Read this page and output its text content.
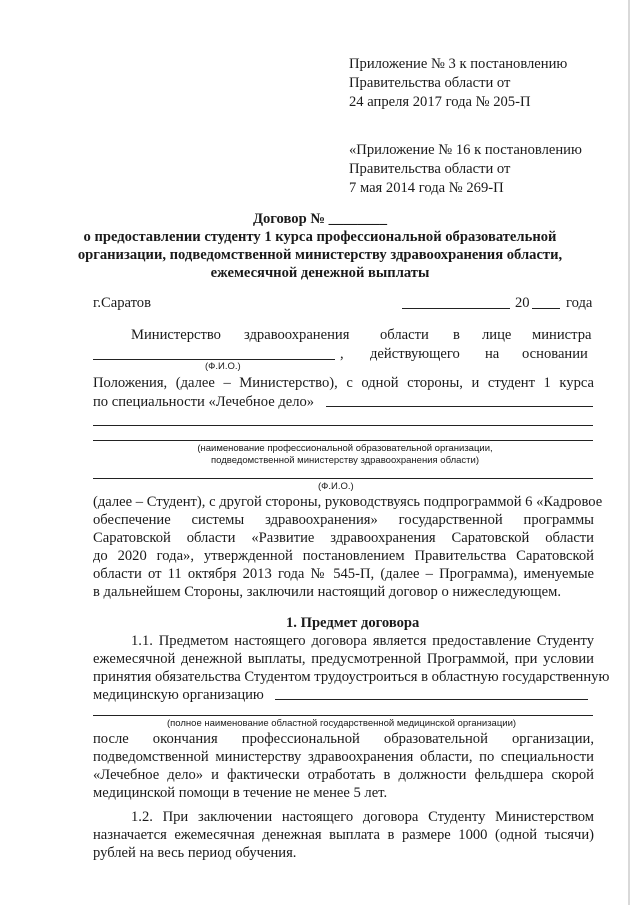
Приложение № 3 к постановлению
Правительства области от
24 апреля 2017 года № 205-П
«Приложение № 16 к постановлению
Правительства области от
7 мая 2014 года № 269-П
Договор № ________
о предоставлении студенту 1 курса профессиональной образовательной
организации, подведомственной министерству здравоохранения области,
ежемесячной денежной выплаты
г.Саратов	20 года
Министерство здравоохранения области в лице министра
, действующего на основании
(Ф.И.О.)
Положения, (далее – Министерство), с одной стороны, и студент 1 курса
по специальности «Лечебное дело»
(наименование профессиональной образовательной организации,
подведомственной министерству здравоохранения области)
(Ф.И.О.)
(далее – Студент), с другой стороны, руководствуясь подпрограммой 6 «Кадровое
обеспечение системы здравоохранения» государственной программы
Саратовской области «Развитие здравоохранения Саратовской области
до 2020 года», утвержденной постановлением Правительства Саратовской
области от 11 октября 2013 года № 545-П, (далее – Программа), именуемые
в дальнейшем Стороны, заключили настоящий договор о нижеследующем.
1. Предмет договора
1.1. Предметом настоящего договора является предоставление Студенту
ежемесячной денежной выплаты, предусмотренной Программой, при условии
принятия обязательства Студентом трудоустроиться в областную государственную
медицинскую организацию
(полное наименование областной государственной медицинской организации)
после окончания профессиональной образовательной организации,
подведомственной министерству здравоохранения области, по специальности
«Лечебное дело» и фактически отработать в должности фельдшера скорой
медицинской помощи в течение не менее 5 лет.
1.2. При заключении настоящего договора Студенту Министерством
назначается ежемесячная денежная выплата в размере 1000 (одной тысячи)
рублей на весь период обучения.
